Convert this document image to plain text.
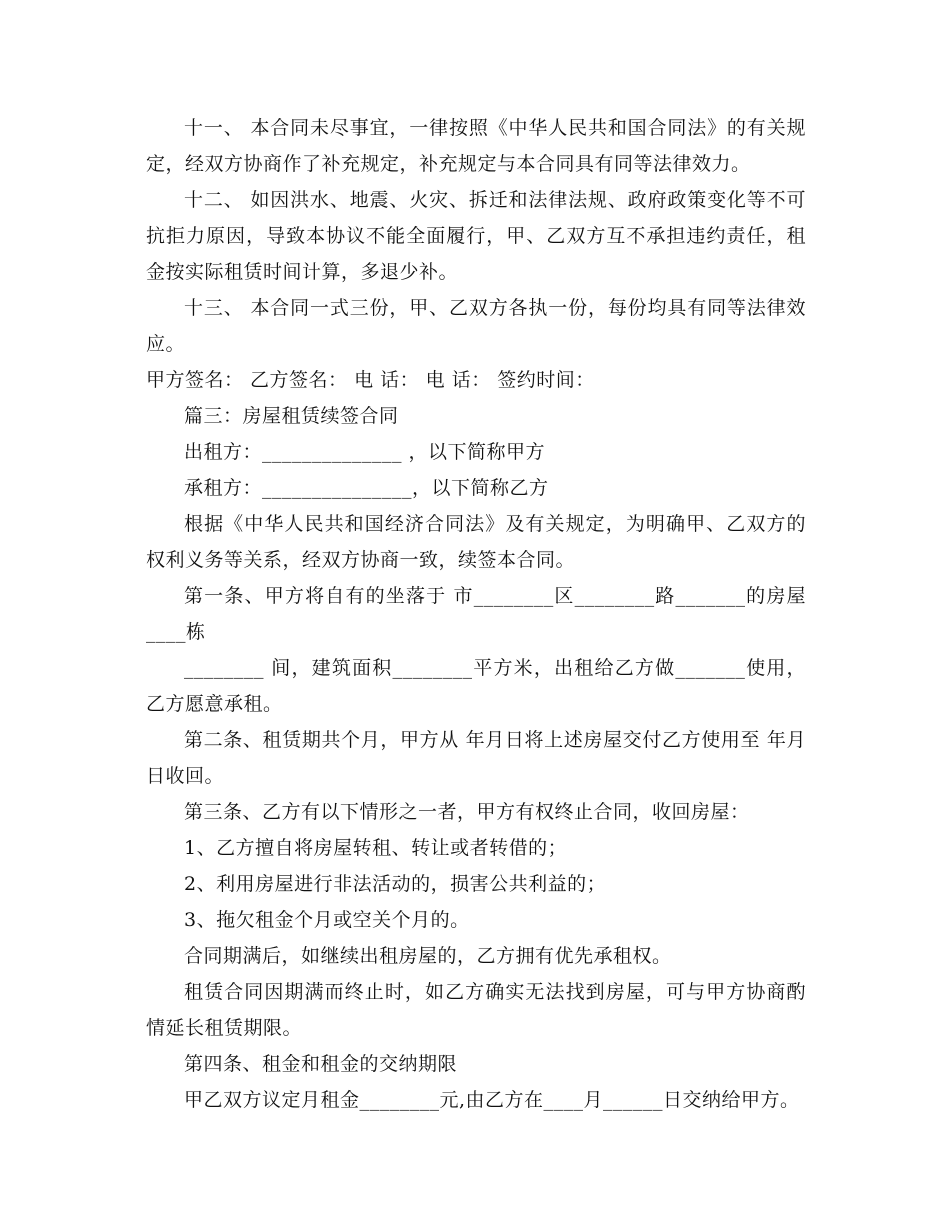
十一、 本合同未尽事宜，一律按照《中华人民共和国合同法》的有关规定，经双方协商作了补充规定，补充规定与本合同具有同等法律效力。

十二、 如因洪水、地震、火灾、拆迁和法律法规、政府政策变化等不可抗拒力原因，导致本协议不能全面履行，甲、乙双方互不承担违约责任，租金按实际租赁时间计算，多退少补。

十三、 本合同一式三份，甲、乙双方各执一份，每份均具有同等法律效应。

甲方签名： 乙方签名： 电 话： 电 话： 签约时间：

篇三：房屋租赁续签合同

出租方：______________ ，以下简称甲方

承租方：_______________，以下简称乙方

根据《中华人民共和国经济合同法》及有关规定，为明确甲、乙双方的权利义务等关系，经双方协商一致，续签本合同。

第一条、甲方将自有的坐落于 市________区________路_______的房屋____栋

________ 间，建筑面积________平方米，出租给乙方做_______使用，乙方愿意承租。

第二条、租赁期共个月，甲方从 年月日将上述房屋交付乙方使用至 年月 日收回。

第三条、乙方有以下情形之一者，甲方有权终止合同，收回房屋：

1、乙方擅自将房屋转租、转让或者转借的；

2、利用房屋进行非法活动的，损害公共利益的；

3、拖欠租金个月或空关个月的。

合同期满后，如继续出租房屋的，乙方拥有优先承租权。

租赁合同因期满而终止时，如乙方确实无法找到房屋，可与甲方协商酌情延长租赁期限。

第四条、租金和租金的交纳期限

甲乙双方议定月租金________元,由乙方在____月______日交纳给甲方。
